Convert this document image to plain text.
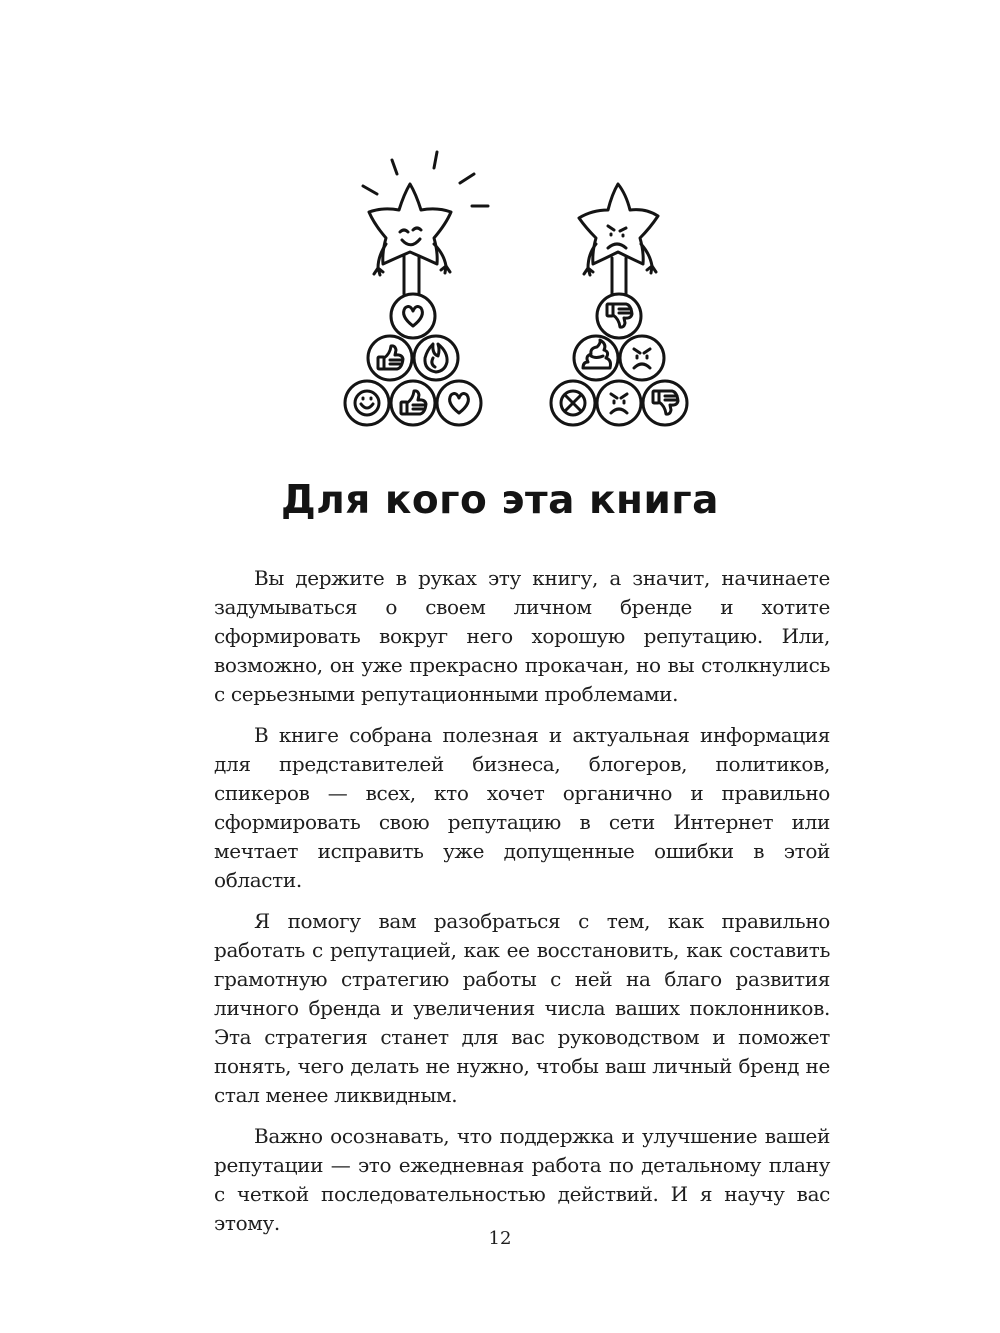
Для кого эта книга

Вы держите в руках эту книгу, а значит, начинаете задумываться о своем личном бренде и хотите сформировать вокруг него хорошую репутацию. Или, возможно, он уже прекрасно прокачан, но вы столкнулись с серьезными репутационными проблемами.

В книге собрана полезная и актуальная информация для представителей бизнеса, блогеров, политиков, спикеров — всех, кто хочет органично и правильно сформировать свою репутацию в сети Интернет или мечтает исправить уже допущенные ошибки в этой области.

Я помогу вам разобраться с тем, как правильно работать с репутацией, как ее восстановить, как составить грамотную стратегию работы с ней на благо развития личного бренда и увеличения числа ваших поклонников. Эта стратегия станет для вас руководством и поможет понять, чего делать не нужно, чтобы ваш личный бренд не стал менее ликвидным.

Важно осознавать, что поддержка и улучшение вашей репутации — это ежедневная работа по детальному плану с четкой последовательностью действий. И я научу вас этому.

12
